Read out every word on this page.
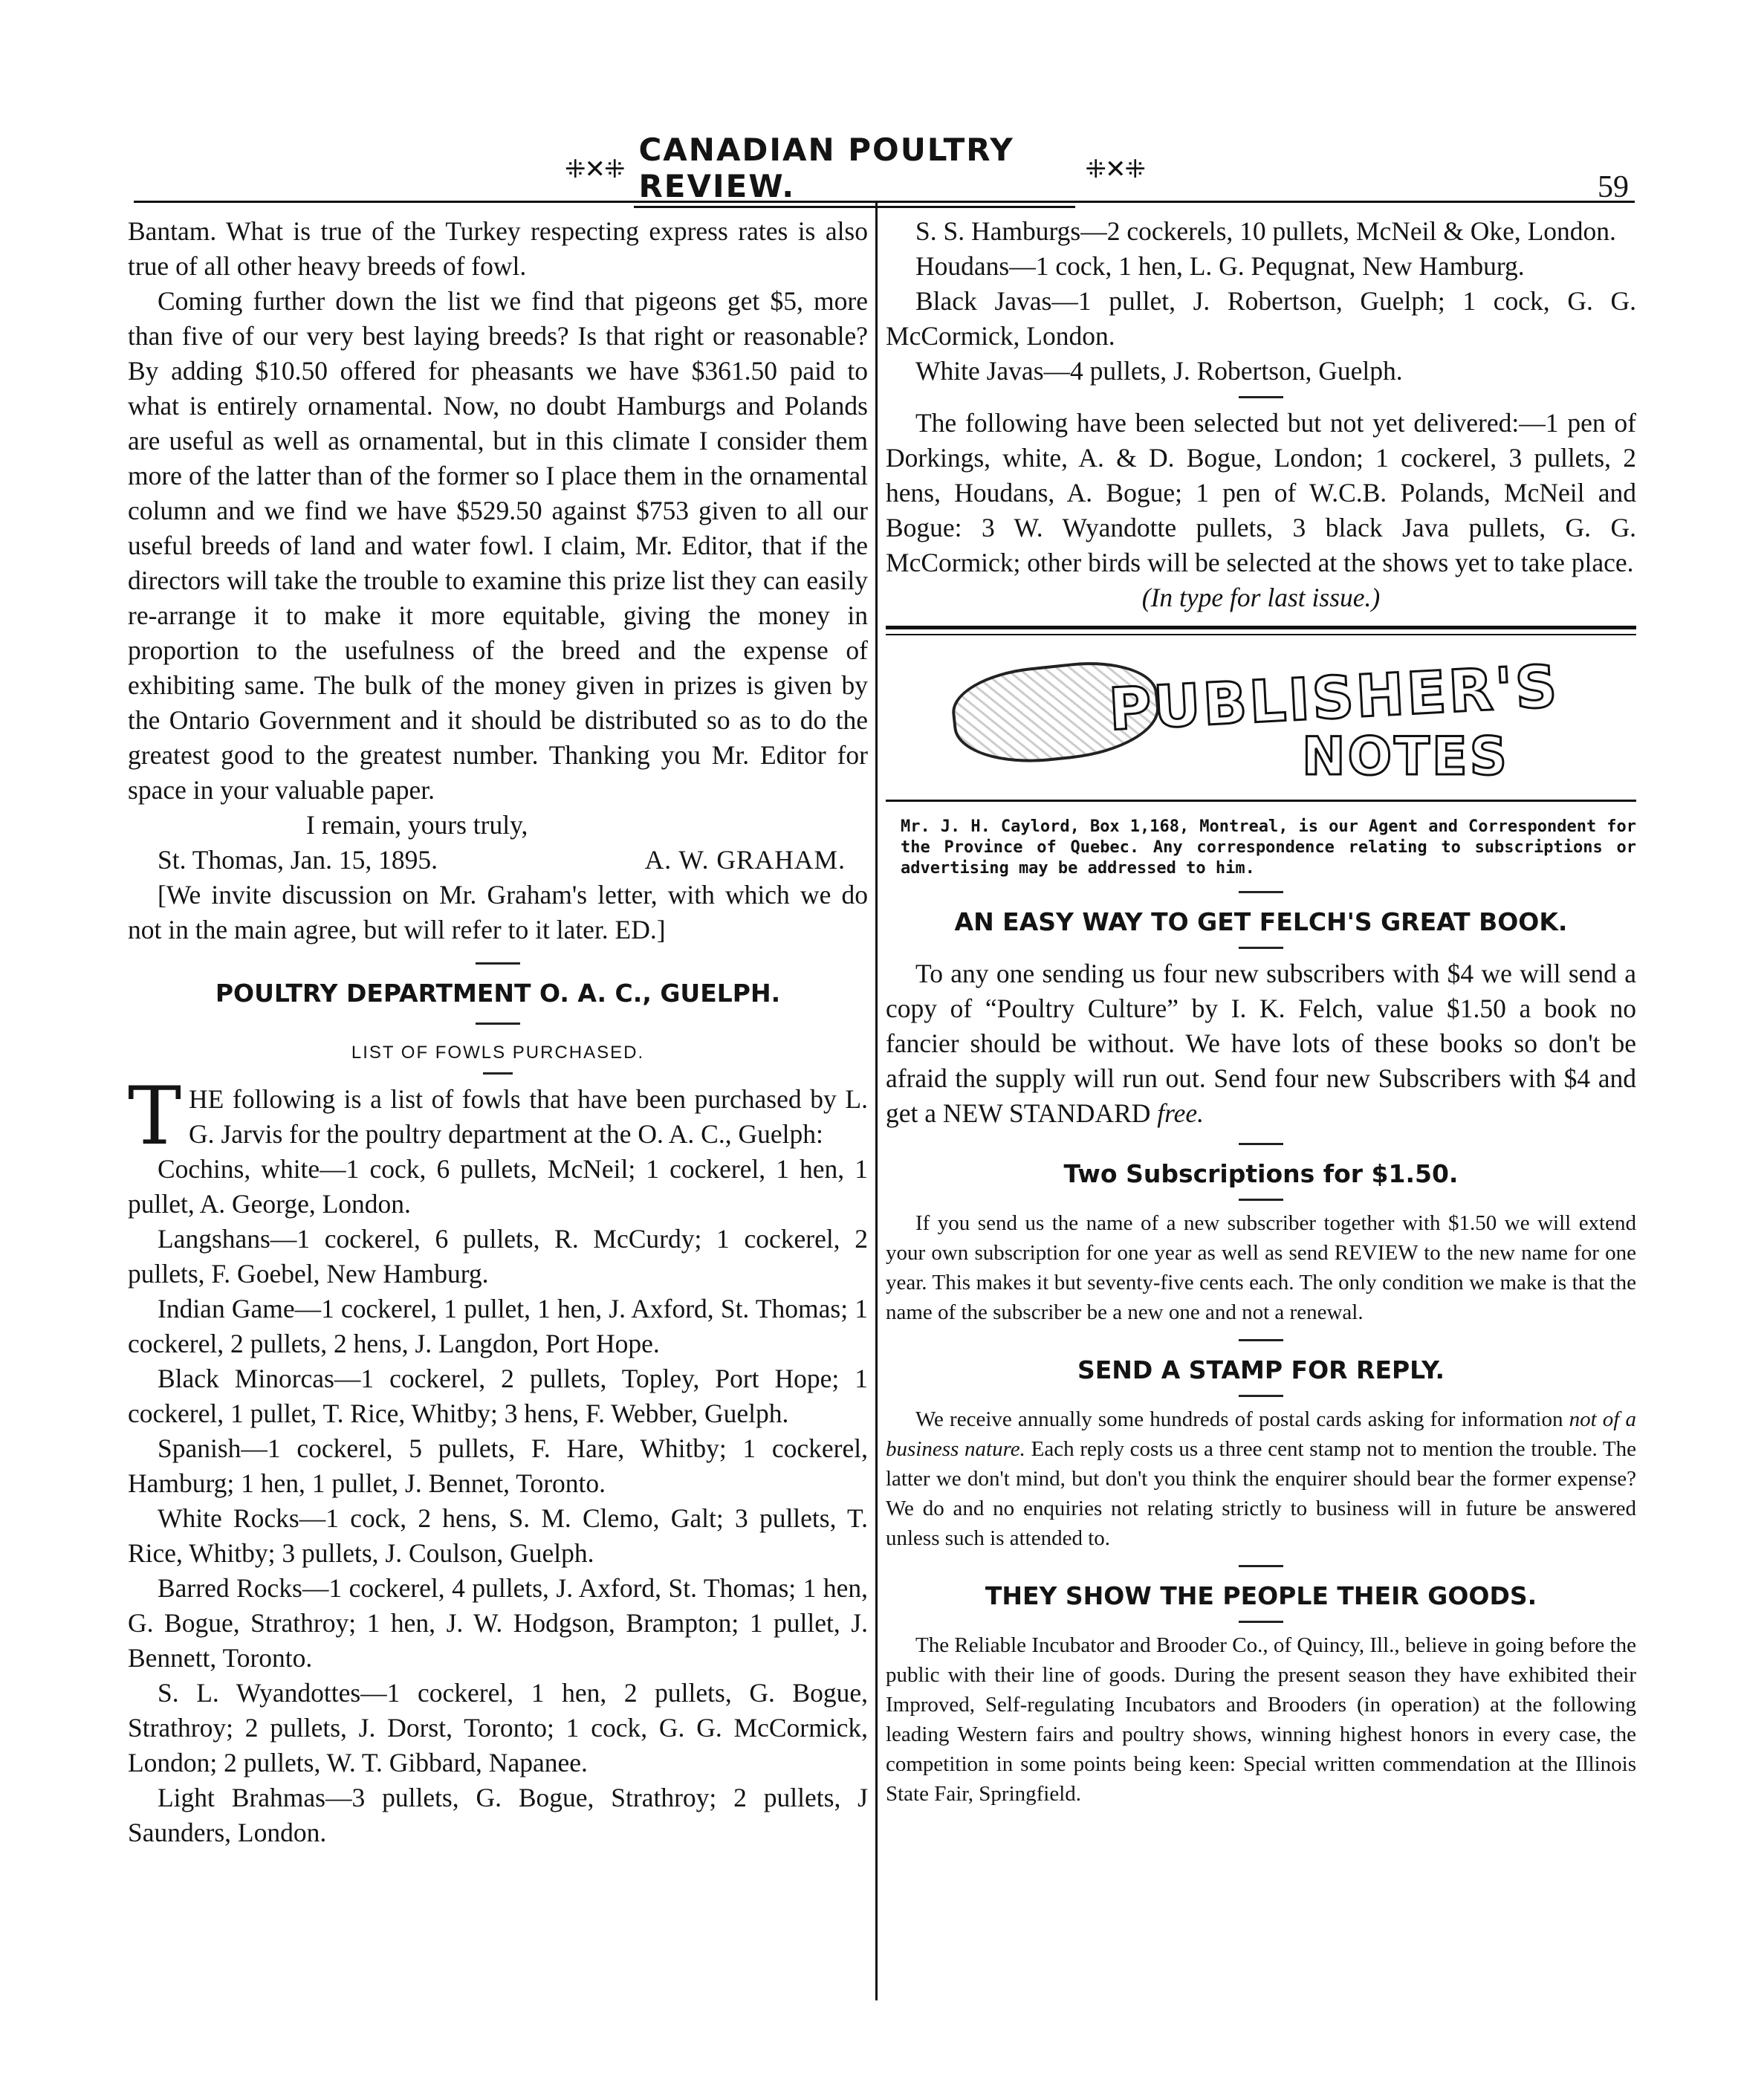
⁜✕⁜
CANADIAN POULTRY REVIEW.	⁜✕⁜
59

Bantam. What is true of the Turkey respecting express rates is also true of all other heavy breeds of fowl.

Coming further down the list we find that pigeons get $5, more than five of our very best laying breeds? Is that right or reasonable? By adding $10.50 offered for pheasants we have $361.50 paid to what is entirely ornamental. Now, no doubt Hamburgs and Polands are useful as well as ornamental, but in this climate I consider them more of the latter than of the former so I place them in the ornamental column and we find we have $529.50 against $753 given to all our useful breeds of land and water fowl. I claim, Mr. Editor, that if the directors will take the trouble to examine this prize list they can easily re-arrange it to make it more equitable, giving the money in proportion to the usefulness of the breed and the expense of exhibiting same. The bulk of the money given in prizes is given by the Ontario Government and it should be distributed so as to do the greatest good to the greatest number. Thanking you Mr. Editor for space in your valuable paper.

I remain, yours truly,

St. Thomas, Jan. 15, 1895.	A. W. GRAHAM.

[We invite discussion on Mr. Graham's letter, with which we do not in the main agree, but will refer to it later. ED.]

POULTRY DEPARTMENT O. A. C., GUELPH.

LIST OF FOWLS PURCHASED.

T HE following is a list of fowls that have been purchased by L. G. Jarvis for the poultry department at the O. A. C., Guelph:

Cochins, white—1 cock, 6 pullets, McNeil; 1 cockerel, 1 hen, 1 pullet, A. George, London.

Langshans—1 cockerel, 6 pullets, R. McCurdy; 1 cockerel, 2 pullets, F. Goebel, New Hamburg.

Indian Game—1 cockerel, 1 pullet, 1 hen, J. Axford, St. Thomas; 1 cockerel, 2 pullets, 2 hens, J. Langdon, Port Hope.

Black Minorcas—1 cockerel, 2 pullets, Topley, Port Hope; 1 cockerel, 1 pullet, T. Rice, Whitby; 3 hens, F. Webber, Guelph.

Spanish—1 cockerel, 5 pullets, F. Hare, Whitby; 1 cockerel, Hamburg; 1 hen, 1 pullet, J. Bennet, Toronto.

White Rocks—1 cock, 2 hens, S. M. Clemo, Galt; 3 pullets, T. Rice, Whitby; 3 pullets, J. Coulson, Guelph.

Barred Rocks—1 cockerel, 4 pullets, J. Axford, St. Thomas; 1 hen, G. Bogue, Strathroy; 1 hen, J. W. Hodgson, Brampton; 1 pullet, J. Bennett, Toronto.

S. L. Wyandottes—1 cockerel, 1 hen, 2 pullets, G. Bogue, Strathroy; 2 pullets, J. Dorst, Toronto; 1 cock, G. G. McCormick, London; 2 pullets, W. T. Gibbard, Napanee.

Light Brahmas—3 pullets, G. Bogue, Strathroy; 2 pullets, J Saunders, London.

S. S. Hamburgs—2 cockerels, 10 pullets, McNeil & Oke, London.

Houdans—1 cock, 1 hen, L. G. Pequgnat, New Hamburg.

Black Javas—1 pullet, J. Robertson, Guelph; 1 cock, G. G. McCormick, London.

White Javas—4 pullets, J. Robertson, Guelph.

The following have been selected but not yet delivered:—1 pen of Dorkings, white, A. & D. Bogue, London; 1 cockerel, 3 pullets, 2 hens, Houdans, A. Bogue; 1 pen of W.C.B. Polands, McNeil and Bogue: 3 W. Wyandotte pullets, 3 black Java pullets, G. G. McCormick; other birds will be selected at the shows yet to take place.

(In type for last issue.)

PUBLISHER'S
NOTES

Mr. J. H. Caylord, Box 1,168, Montreal, is our Agent and Correspondent for the Province of Quebec. Any correspondence relating to subscriptions or advertising may be addressed to him.

AN EASY WAY TO GET FELCH'S GREAT BOOK.

To any one sending us four new subscribers with $4 we will send a copy of “Poultry Culture” by I. K. Felch, value $1.50 a book no fancier should be without. We have lots of these books so don't be afraid the supply will run out. Send four new Subscribers with $4 and get a NEW STANDARD free.

Two Subscriptions for $1.50.

If you send us the name of a new subscriber together with $1.50 we will extend your own subscription for one year as well as send REVIEW to the new name for one year. This makes it but seventy-five cents each. The only condition we make is that the name of the subscriber be a new one and not a renewal.

SEND A STAMP FOR REPLY.

We receive annually some hundreds of postal cards asking for information not of a business nature. Each reply costs us a three cent stamp not to mention the trouble. The latter we don't mind, but don't you think the enquirer should bear the former expense? We do and no enquiries not relating strictly to business will in future be answered unless such is attended to.

THEY SHOW THE PEOPLE THEIR GOODS.

The Reliable Incubator and Brooder Co., of Quincy, Ill., believe in going before the public with their line of goods. During the present season they have exhibited their Improved, Self-regulating Incubators and Brooders (in operation) at the following leading Western fairs and poultry shows, winning highest honors in every case, the competition in some points being keen: Special written commendation at the Illinois State Fair, Springfield.
